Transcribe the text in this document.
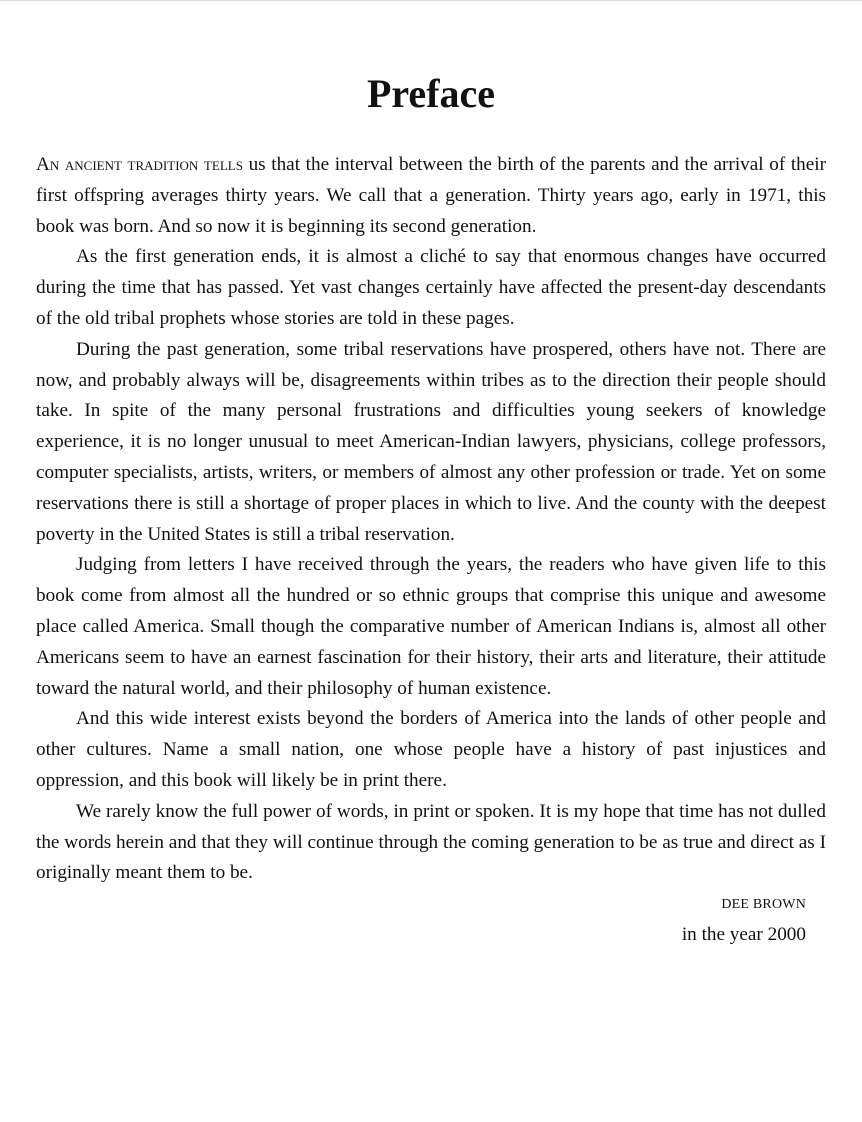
Preface

An ancient tradition tells us that the interval between the birth of the parents and the arrival of their first offspring averages thirty years. We call that a generation. Thirty years ago, early in 1971, this book was born. And so now it is beginning its second generation.

As the first generation ends, it is almost a cliché to say that enormous changes have occurred during the time that has passed. Yet vast changes certainly have affected the present-day descendants of the old tribal prophets whose stories are told in these pages.

During the past generation, some tribal reservations have prospered, others have not. There are now, and probably always will be, disagreements within tribes as to the direction their people should take. In spite of the many personal frustrations and difficulties young seekers of knowledge experience, it is no longer unusual to meet American-Indian lawyers, physicians, college professors, computer specialists, artists, writers, or members of almost any other profession or trade. Yet on some reservations there is still a shortage of proper places in which to live. And the county with the deepest poverty in the United States is still a tribal reservation.

Judging from letters I have received through the years, the readers who have given life to this book come from almost all the hundred or so ethnic groups that comprise this unique and awesome place called America. Small though the comparative number of American Indians is, almost all other Americans seem to have an earnest fascination for their history, their arts and literature, their attitude toward the natural world, and their philosophy of human existence.

And this wide interest exists beyond the borders of America into the lands of other people and other cultures. Name a small nation, one whose people have a history of past injustices and oppression, and this book will likely be in print there.

We rarely know the full power of words, in print or spoken. It is my hope that time has not dulled the words herein and that they will continue through the coming generation to be as true and direct as I originally meant them to be.

DEE BROWN

in the year 2000
